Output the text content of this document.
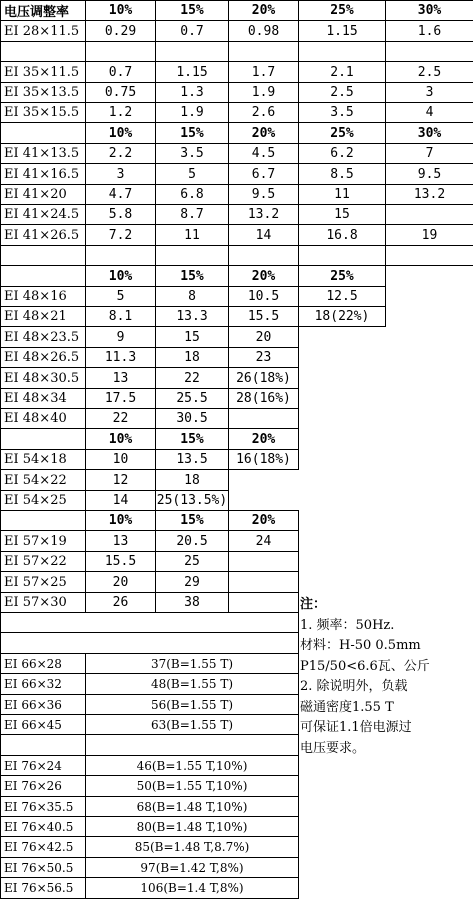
电压调整率	10%	15%	20%	25%	30%
EI 28×11.5	0.29	0.7	0.98	1.15	1.6
EI 35×11.5	0.7	1.15	1.7	2.1	2.5
EI 35×13.5	0.75	1.3	1.9	2.5	3
EI 35×15.5	1.2	1.9	2.6	3.5	4
10%	15%	20%	25%	30%
EI 41×13.5	2.2	3.5	4.5	6.2	7
EI 41×16.5	3	5	6.7	8.5	9.5
EI 41×20	4.7	6.8	9.5	11	13.2
EI 41×24.5	5.8	8.7	13.2	15
EI 41×26.5	7.2	11	14	16.8	19
10%	15%	20%	25%
EI 48×16	5	8	10.5	12.5
EI 48×21	8.1	13.3	15.5	18(22%)
EI 48×23.5	9	15	20
EI 48×26.5	11.3	18	23
EI 48×30.5	13	22	26(18%)
EI 48×34	17.5	25.5	28(16%)
EI 48×40	22	30.5
10%	15%	20%
EI 54×18	10	13.5	16(18%)
EI 54×22	12	18
EI 54×25	14	25(13.5%)
10%	15%	20%
EI 57×19	13	20.5	24
EI 57×22	15.5	25
EI 57×25	20	29
EI 57×30	26	38
EI 66×28	37(B=1.55 T)
EI 66×32	48(B=1.55 T)
EI 66×36	56(B=1.55 T)
EI 66×45	63(B=1.55 T)
EI 76×24	46(B=1.55 T,10%)
EI 76×26	50(B=1.55 T,10%)
EI 76×35.5	68(B=1.48 T,10%)
EI 76×40.5	80(B=1.48 T,10%)
EI 76×42.5	85(B=1.48 T,8.7%)
EI 76×50.5	97(B=1.42 T,8%)
EI 76×56.5	106(B=1.4 T,8%)
注：
1. 频率：50Hz.
材料：H-50 0.5mm
P15/50<6.6瓦、公斤
2. 除说明外，负载
磁通密度1.55 T
可保证1.1倍电源过
电压要求。
